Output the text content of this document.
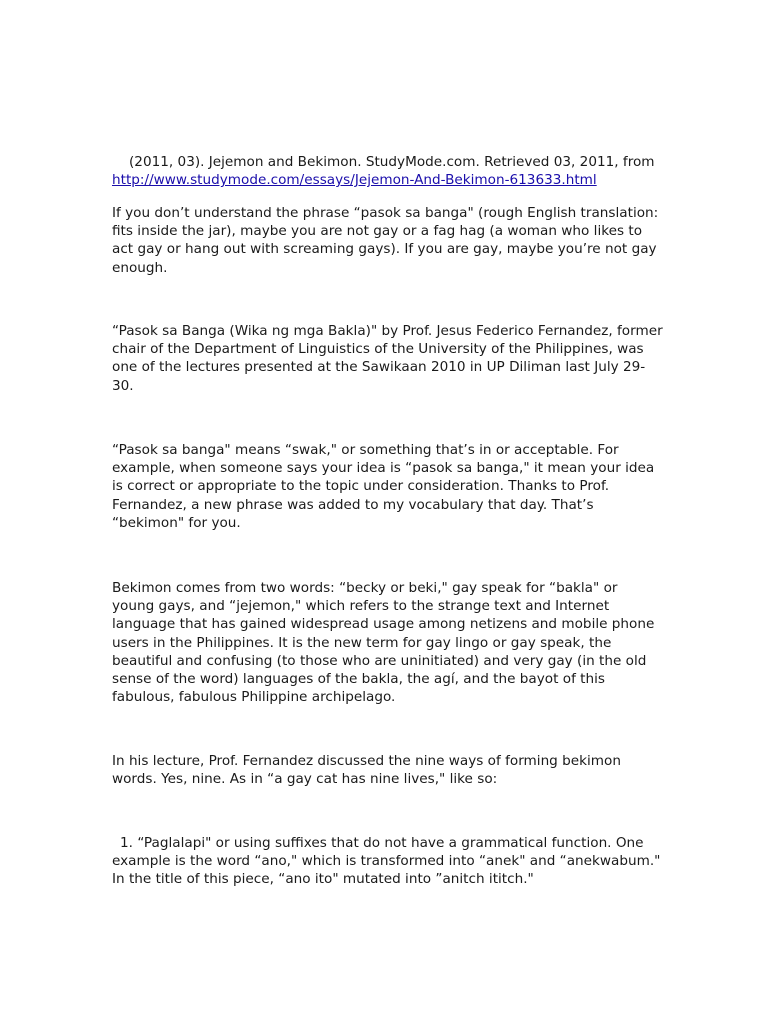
(2011, 03). Jejemon and Bekimon. StudyMode.com. Retrieved 03, 2011, from http://www.studymode.com/essays/Jejemon-And-Bekimon-613633.html

If you don’t understand the phrase “pasok sa banga" (rough English translation: fits inside the jar), maybe you are not gay or a fag hag (a woman who likes to act gay or hang out with screaming gays). If you are gay, maybe you’re not gay enough.

“Pasok sa Banga (Wika ng mga Bakla)" by Prof. Jesus Federico Fernandez, former chair of the Department of Linguistics of the University of the Philippines, was one of the lectures presented at the Sawikaan 2010 in UP Diliman last July 29-30.

“Pasok sa banga" means “swak," or something that’s in or acceptable. For example, when someone says your idea is “pasok sa banga," it mean your idea is correct or appropriate to the topic under consideration. Thanks to Prof. Fernandez, a new phrase was added to my vocabulary that day. That’s “bekimon" for you.

Bekimon comes from two words: “becky or beki," gay speak for “bakla" or young gays, and “jejemon," which refers to the strange text and Internet language that has gained widespread usage among netizens and mobile phone users in the Philippines. It is the new term for gay lingo or gay speak, the beautiful and confusing (to those who are uninitiated) and very gay (in the old sense of the word) languages of the bakla, the agí, and the bayot of this fabulous, fabulous Philippine archipelago.

In his lecture, Prof. Fernandez discussed the nine ways of forming bekimon words. Yes, nine. As in “a gay cat has nine lives," like so:

1. “Paglalapi" or using suffixes that do not have a grammatical function. One example is the word “ano," which is transformed into “anek" and “anekwabum." In the title of this piece, “ano ito" mutated into ”anitch ititch."
